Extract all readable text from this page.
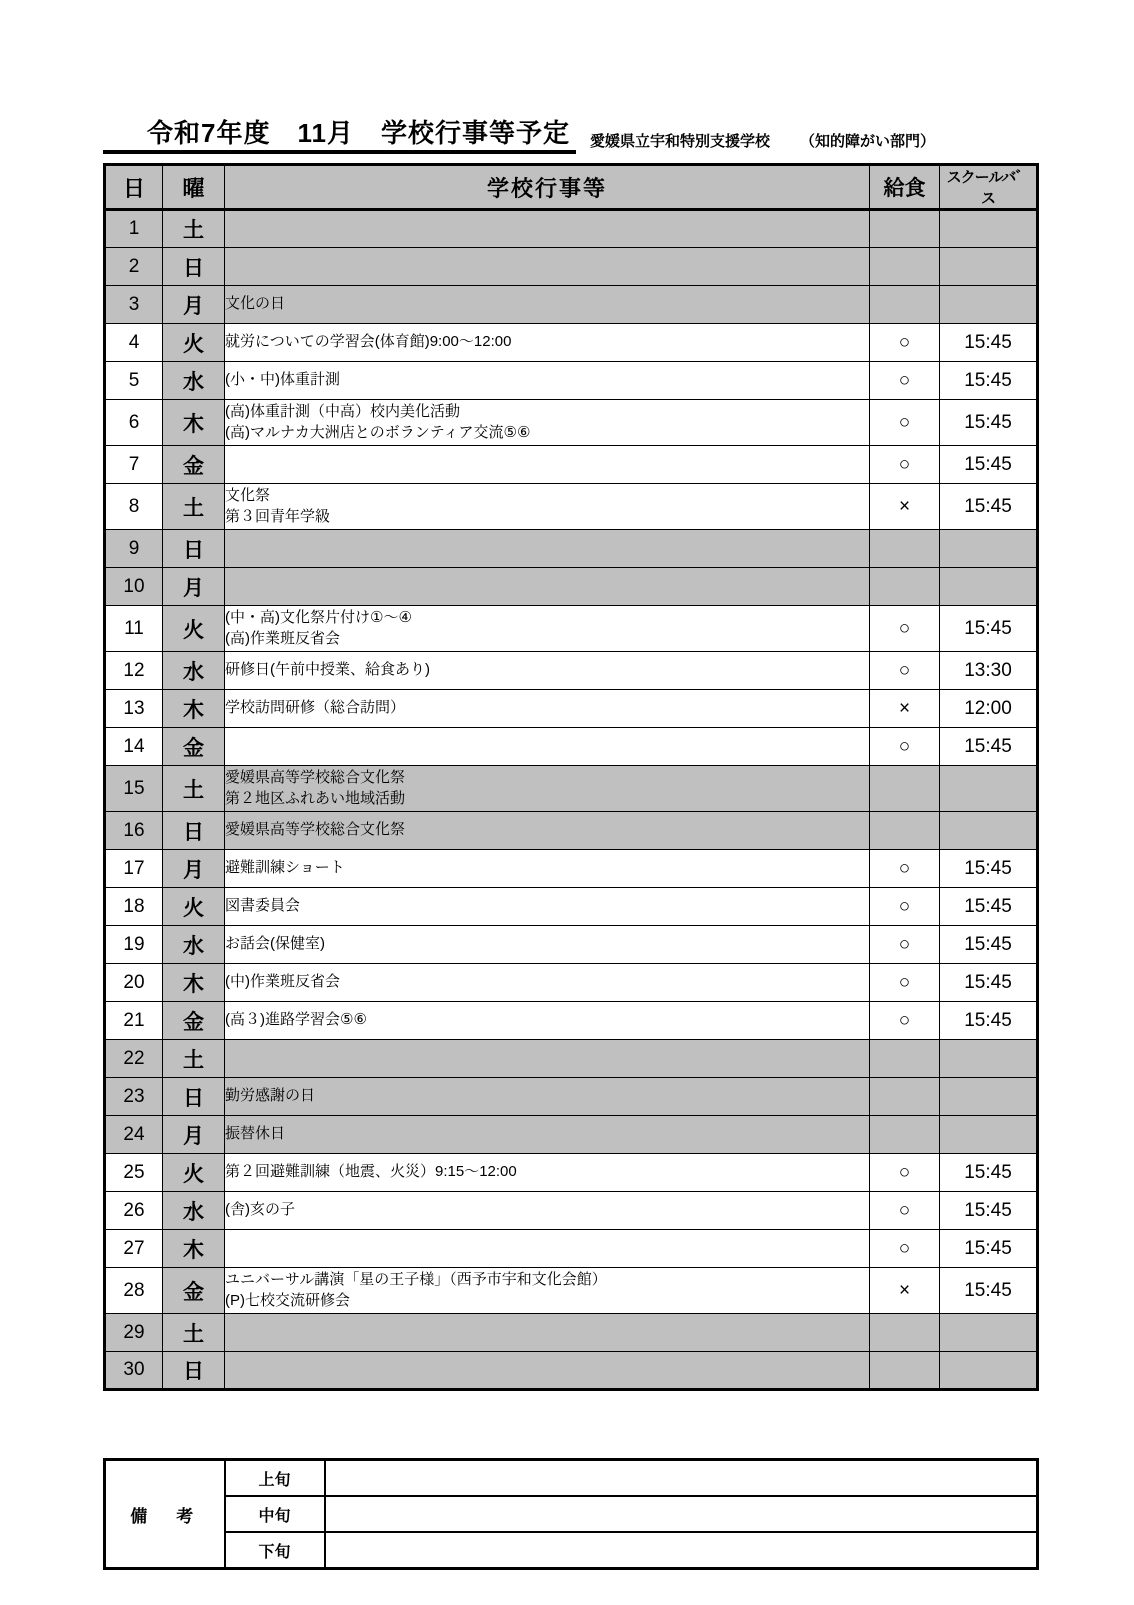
令和7年度　11月　学校行事等予定	愛媛県立宇和特別支援学校 （知的障がい部門）
日	曜	学校行事等	給食	スクールバ゛ス
1	土			
2	日			
3	月	文化の日		

4	火	就労についての学習会(体育館)9:00〜12:00	○	15:45
5	水	(小・中)体重計測	○	15:45
6	木	(高)体重計測（中高）校内美化活動
(高)マルナカ大洲店とのボランティア交流⑤⑥	○	15:45
7	金		○	15:45
8	土	文化祭
第３回青年学級	×	15:45
9	日			
10	月			
11	火	(中・高)文化祭片付け①〜④
(高)作業班反省会	○	15:45
12	水	研修日(午前中授業、給食あり)	○	13:30
13	木	学校訪問研修（総合訪問）	×	12:00
14	金		○	15:45
15	土	愛媛県高等学校総合文化祭
第２地区ふれあい地域活動		

16	日	愛媛県高等学校総合文化祭		

17	月	避難訓練ショート	○	15:45
18	火	図書委員会	○	15:45
19	水	お話会(保健室)	○	15:45
20	木	(中)作業班反省会	○	15:45
21	金	(高３)進路学習会⑤⑥	○	15:45
22	土			
23	日	勤労感謝の日		

24	月	振替休日		

25	火	第２回避難訓練（地震、火災）9:15〜12:00	○	15:45
26	水	(舎)亥の子	○	15:45
27	木		○	15:45
28	金	ユニバーサル講演「星の王子様」（西予市宇和文化会館）
(P)七校交流研修会	×	15:45
29	土			
30	日			
備　考	上旬	
	中旬	
	下旬	
